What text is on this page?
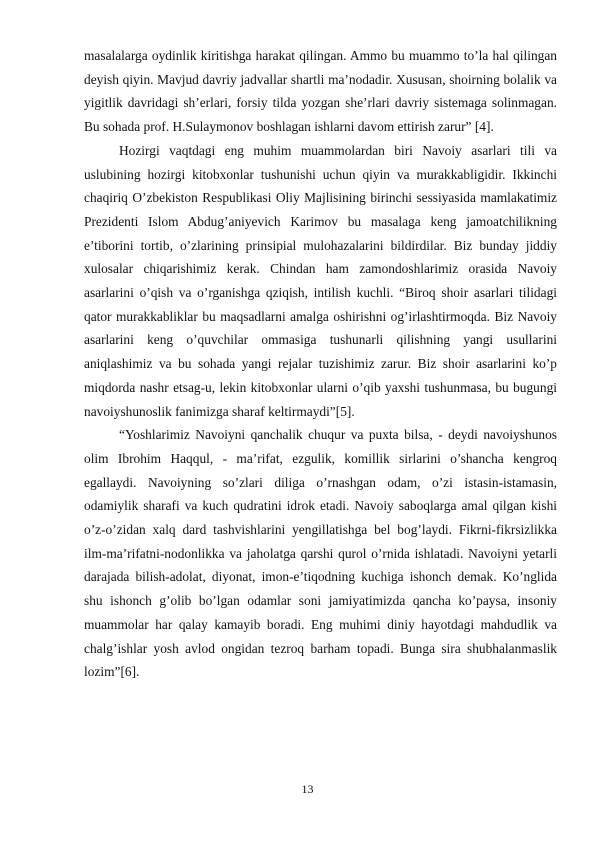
masalalarga oydinlik kiritishga harakat qilingan. Ammo bu muammo to’la hal qilingan deyish qiyin. Mavjud davriy jadvallar shartli ma’nodadir. Xususan, shoirning bolalik va yigitlik davridagi sh’erlari, forsiy tilda yozgan she’rlari davriy sistemaga solinmagan. Bu sohada prof. H.Sulaymonov boshlagan ishlarni davom ettirish zarur” [4].

Hozirgi vaqtdagi eng muhim muammolardan biri Navoiy asarlari tili va uslubining hozirgi kitobxonlar tushunishi uchun qiyin va murakkabligidir. Ikkinchi chaqiriq O’zbekiston Respublikasi Oliy Majlisining birinchi sessiyasida mamlakatimiz Prezidenti Islom Abdug’aniyevich Karimov bu masalaga keng jamoatchilikning e’tiborini tortib, o’zlarining prinsipial mulohazalarini bildirdilar. Biz bunday jiddiy xulosalar chiqarishimiz kerak. Chindan ham zamondoshlarimiz orasida Navoiy asarlarini o’qish va o’rganishga qziqish, intilish kuchli. “Biroq shoir asarlari tilidagi qator murakkabliklar bu maqsadlarni amalga oshirishni og’irlashtirmoqda. Biz Navoiy asarlarini keng o’quvchilar ommasiga tushunarli qilishning yangi usullarini aniqlashimiz va bu sohada yangi rejalar tuzishimiz zarur. Biz shoir asarlarini ko’p miqdorda nashr etsag-u, lekin kitobxonlar ularni o’qib yaxshi tushunmasa, bu bugungi navoiyshunoslik fanimizga sharaf keltirmaydi”[5].

“Yoshlarimiz Navoiyni qanchalik chuqur va puxta bilsa, - deydi navoiyshunos olim Ibrohim Haqqul, - ma’rifat, ezgulik, komillik sirlarini o’shancha kengroq egallaydi. Navoiyning so’zlari diliga o’rnashgan odam, o’zi istasin-istamasin, odamiylik sharafi va kuch qudratini idrok etadi. Navoiy saboqlarga amal qilgan kishi o’z-o’zidan xalq dard tashvishlarini yengillatishga bel bog’laydi. Fikrni-fikrsizlikka ilm-ma’rifatni-nodonlikka va jaholatga qarshi qurol o’rnida ishlatadi. Navoiyni yetarli darajada bilish-adolat, diyonat, imon-e’tiqodning kuchiga ishonch demak. Ko’nglida shu ishonch g’olib bo’lgan odamlar soni jamiyatimizda qancha ko’paysa, insoniy muammolar har qalay kamayib boradi. Eng muhimi diniy hayotdagi mahdudlik va chalg’ishlar yosh avlod ongidan tezroq barham topadi. Bunga sira shubhalanmaslik lozim”[6].

13
